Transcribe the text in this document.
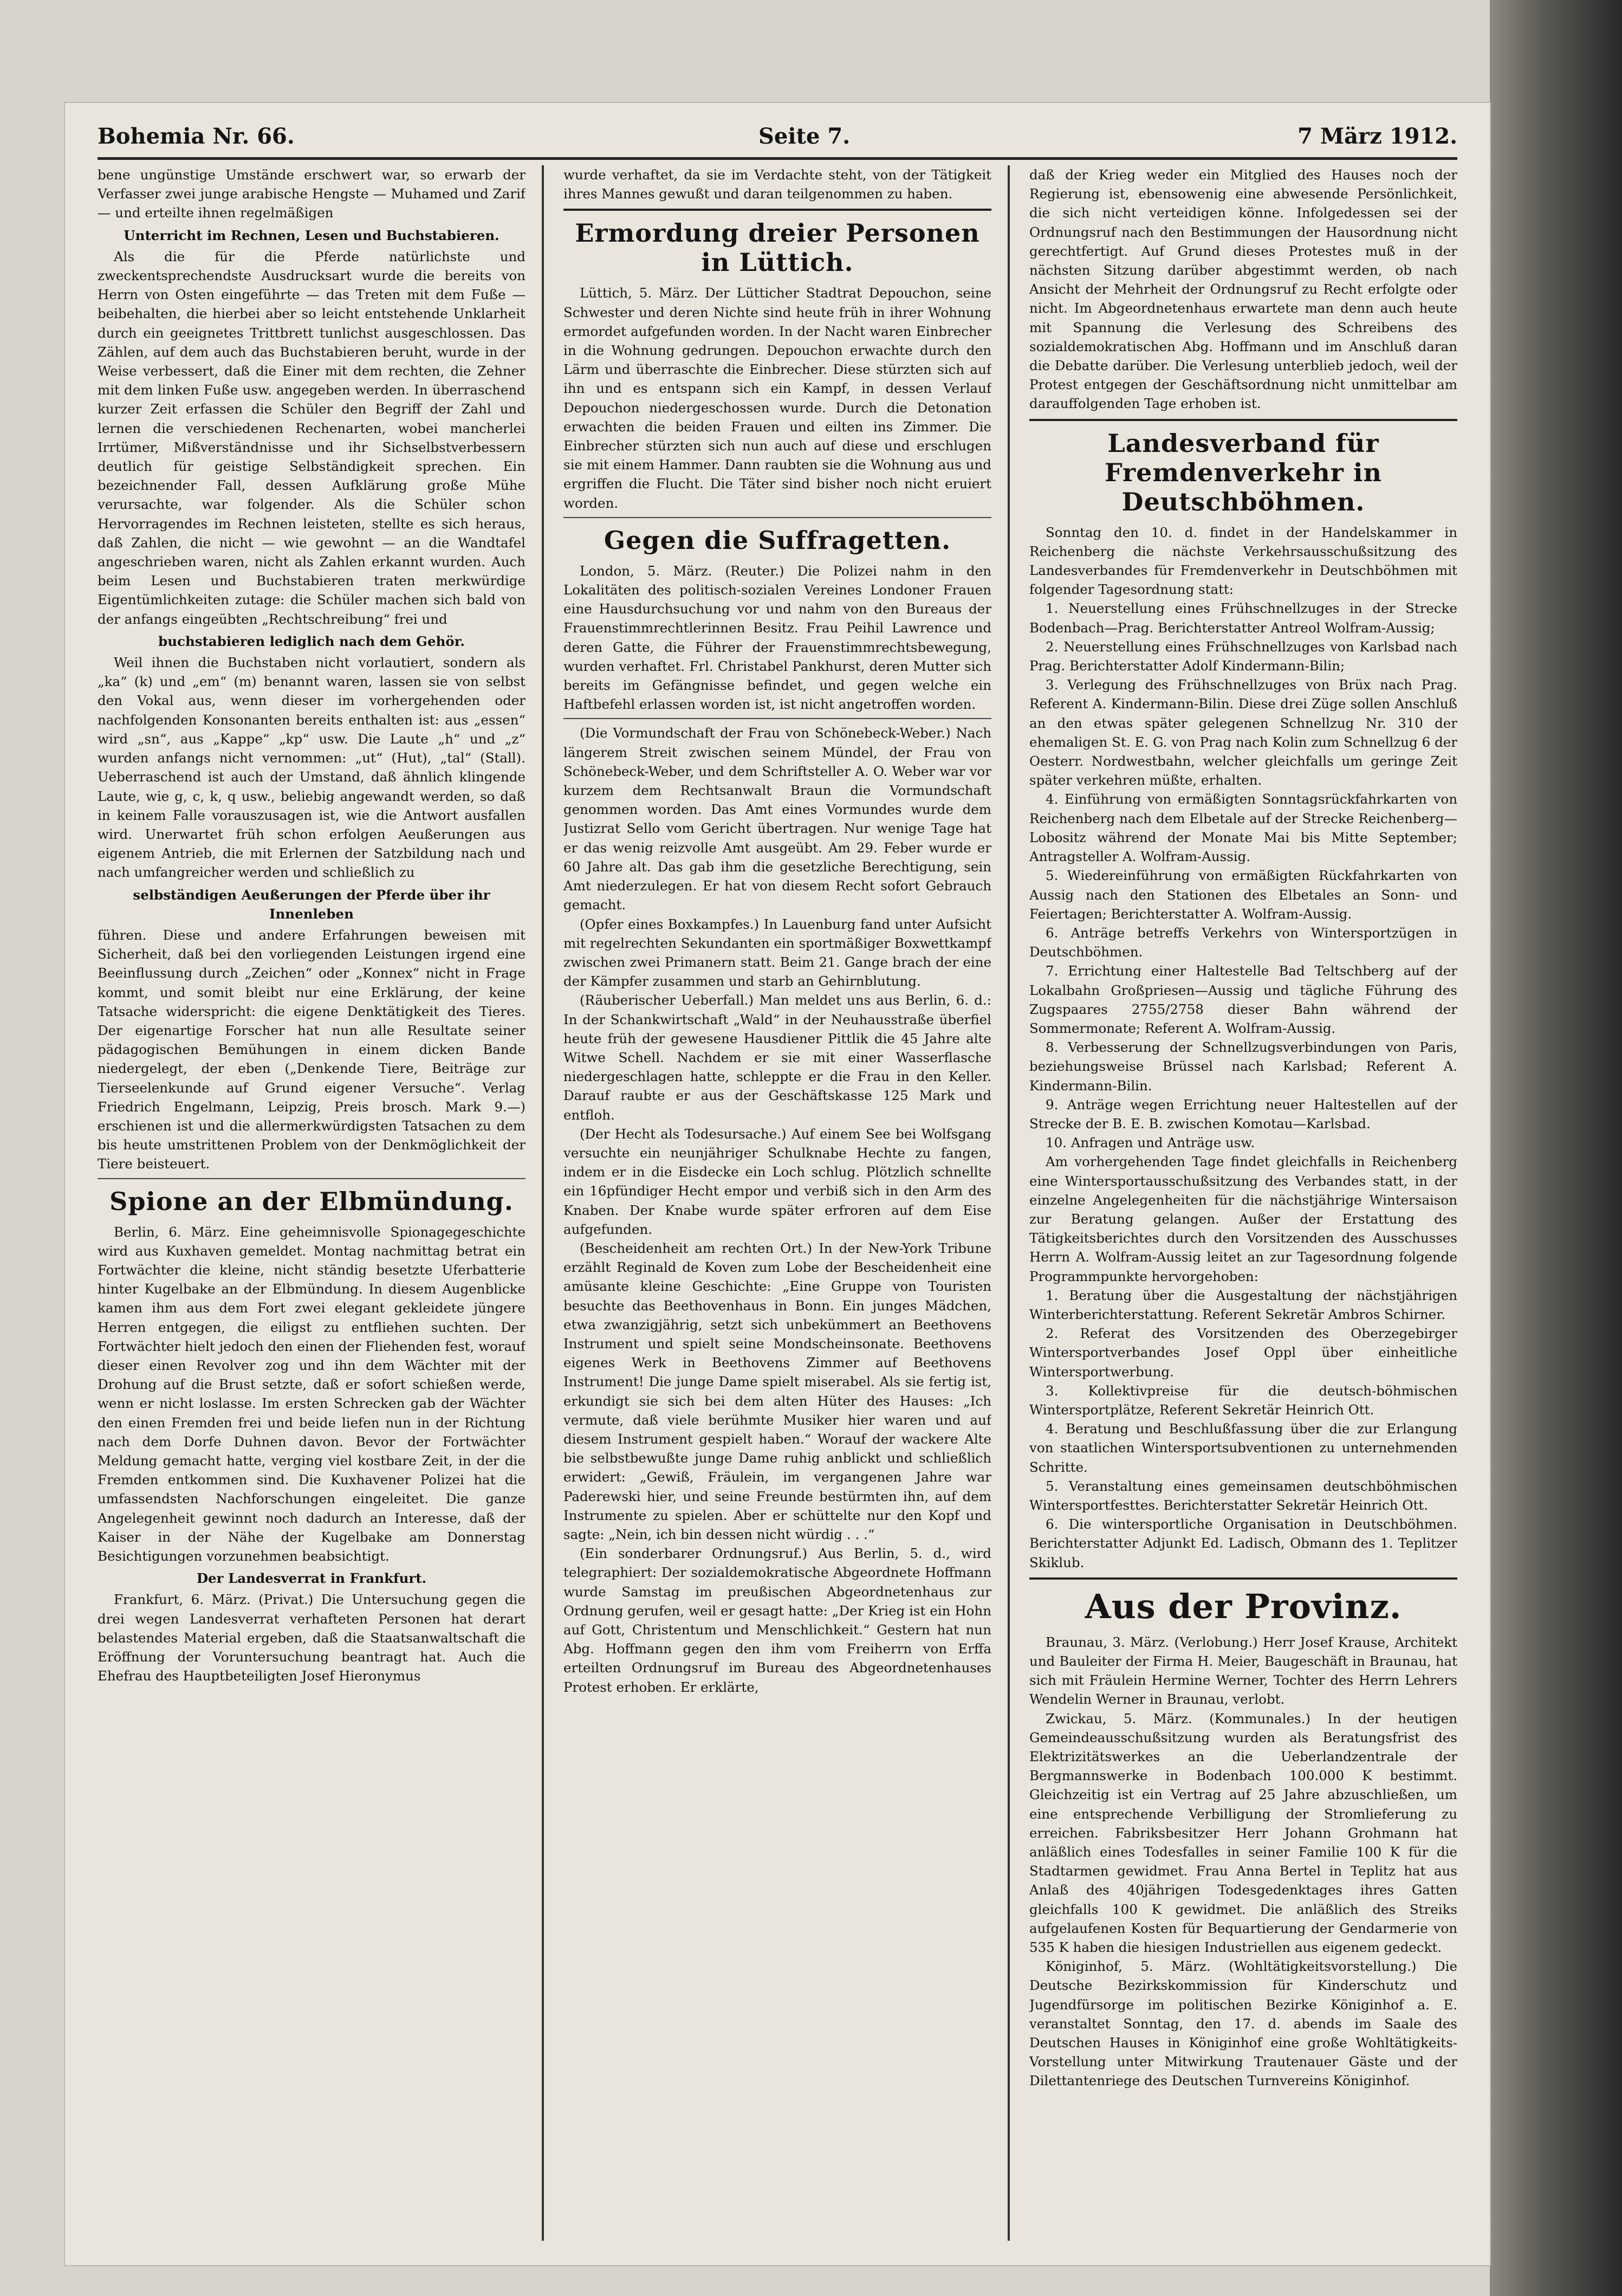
Bohemia Nr. 66.	Seite 7.	7 März 1912.

bene ungünstige Umstände erschwert war, so erwarb der Verfasser zwei junge arabische Hengste — Muhamed und Zarif — und erteilte ihnen regelmäßigen

Unterricht im Rechnen, Lesen und Buchstabieren.

Als die für die Pferde natürlichste und zweckentsprechendste Ausdrucksart wurde die bereits von Herrn von Osten eingeführte — das Treten mit dem Fuße — beibehalten, die hierbei aber so leicht entstehende Unklarheit durch ein geeignetes Trittbrett tunlichst ausgeschlossen. Das Zählen, auf dem auch das Buchstabieren beruht, wurde in der Weise verbessert, daß die Einer mit dem rechten, die Zehner mit dem linken Fuße usw. angegeben werden. In überraschend kurzer Zeit erfassen die Schüler den Begriff der Zahl und lernen die verschiedenen Rechenarten, wobei mancherlei Irrtümer, Mißverständnisse und ihr Sichselbstverbessern deutlich für geistige Selbständigkeit sprechen. Ein bezeichnender Fall, dessen Aufklärung große Mühe verursachte, war folgender. Als die Schüler schon Hervorragendes im Rechnen leisteten, stellte es sich heraus, daß Zahlen, die nicht — wie gewohnt — an die Wandtafel angeschrieben waren, nicht als Zahlen erkannt wurden. Auch beim Lesen und Buchstabieren traten merkwürdige Eigentümlichkeiten zutage: die Schüler machen sich bald von der anfangs eingeübten „Rechtschreibung“ frei und

buchstabieren lediglich nach dem Gehör.

Weil ihnen die Buchstaben nicht vorlautiert, sondern als „ka“ (k) und „em“ (m) benannt waren, lassen sie von selbst den Vokal aus, wenn dieser im vorhergehenden oder nachfolgenden Konsonanten bereits enthalten ist: aus „essen“ wird „sn“, aus „Kappe“ „kp“ usw. Die Laute „h“ und „z“ wurden anfangs nicht vernommen: „ut“ (Hut), „tal“ (Stall). Ueberraschend ist auch der Umstand, daß ähnlich klingende Laute, wie g, c, k, q usw., beliebig angewandt werden, so daß in keinem Falle vorauszusagen ist, wie die Antwort ausfallen wird. Unerwartet früh schon erfolgen Aeußerungen aus eigenem Antrieb, die mit Erlernen der Satzbildung nach und nach umfangreicher werden und schließlich zu

selbständigen Aeußerungen der Pferde über ihr Innenleben

führen. Diese und andere Erfahrungen beweisen mit Sicherheit, daß bei den vorliegenden Leistungen irgend eine Beeinflussung durch „Zeichen“ oder „Konnex“ nicht in Frage kommt, und somit bleibt nur eine Erklärung, der keine Tatsache widerspricht: die eigene Denktätigkeit des Tieres. Der eigenartige Forscher hat nun alle Resultate seiner pädagogischen Bemühungen in einem dicken Bande niedergelegt, der eben („Denkende Tiere, Beiträge zur Tierseelenkunde auf Grund eigener Versuche“. Verlag Friedrich Engelmann, Leipzig, Preis brosch. Mark 9.—) erschienen ist und die allermerkwürdigsten Tatsachen zu dem bis heute umstrittenen Problem von der Denkmöglichkeit der Tiere beisteuert.

Spione an der Elbmündung.

Berlin, 6. März. Eine geheimnisvolle Spionagegeschichte wird aus Kuxhaven gemeldet. Montag nachmittag betrat ein Fortwächter die kleine, nicht ständig besetzte Uferbatterie hinter Kugelbake an der Elbmündung. In diesem Augenblicke kamen ihm aus dem Fort zwei elegant gekleidete jüngere Herren entgegen, die eiligst zu entfliehen suchten. Der Fortwächter hielt jedoch den einen der Fliehenden fest, worauf dieser einen Revolver zog und ihn dem Wächter mit der Drohung auf die Brust setzte, daß er sofort schießen werde, wenn er nicht loslasse. Im ersten Schrecken gab der Wächter den einen Fremden frei und beide liefen nun in der Richtung nach dem Dorfe Duhnen davon. Bevor der Fortwächter Meldung gemacht hatte, verging viel kostbare Zeit, in der die Fremden entkommen sind. Die Kuxhavener Polizei hat die umfassendsten Nachforschungen eingeleitet. Die ganze Angelegenheit gewinnt noch dadurch an Interesse, daß der Kaiser in der Nähe der Kugelbake am Donnerstag Besichtigungen vorzunehmen beabsichtigt.

Der Landesverrat in Frankfurt.

Frankfurt, 6. März. (Privat.) Die Untersuchung gegen die drei wegen Landesverrat verhafteten Personen hat derart belastendes Material ergeben, daß die Staatsanwaltschaft die Eröffnung der Voruntersuchung beantragt hat. Auch die Ehefrau des Hauptbeteiligten Josef Hieronymus

wurde verhaftet, da sie im Verdachte steht, von der Tätigkeit ihres Mannes gewußt und daran teilgenommen zu haben.

Ermordung dreier Personen in Lüttich.

Lüttich, 5. März. Der Lütticher Stadtrat Depouchon, seine Schwester und deren Nichte sind heute früh in ihrer Wohnung ermordet aufgefunden worden. In der Nacht waren Einbrecher in die Wohnung gedrungen. Depouchon erwachte durch den Lärm und überraschte die Einbrecher. Diese stürzten sich auf ihn und es entspann sich ein Kampf, in dessen Verlauf Depouchon niedergeschossen wurde. Durch die Detonation erwachten die beiden Frauen und eilten ins Zimmer. Die Einbrecher stürzten sich nun auch auf diese und erschlugen sie mit einem Hammer. Dann raubten sie die Wohnung aus und ergriffen die Flucht. Die Täter sind bisher noch nicht eruiert worden.

Gegen die Suffragetten.

London, 5. März. (Reuter.) Die Polizei nahm in den Lokalitäten des politisch-sozialen Vereines Londoner Frauen eine Hausdurchsuchung vor und nahm von den Bureaus der Frauenstimmrechtlerinnen Besitz. Frau Peihil Lawrence und deren Gatte, die Führer der Frauenstimmrechtsbewegung, wurden verhaftet. Frl. Christabel Pankhurst, deren Mutter sich bereits im Gefängnisse befindet, und gegen welche ein Haftbefehl erlassen worden ist, ist nicht angetroffen worden.

(Die Vormundschaft der Frau von Schönebeck-Weber.) Nach längerem Streit zwischen seinem Mündel, der Frau von Schönebeck-Weber, und dem Schriftsteller A. O. Weber war vor kurzem dem Rechtsanwalt Braun die Vormundschaft genommen worden. Das Amt eines Vormundes wurde dem Justizrat Sello vom Gericht übertragen. Nur wenige Tage hat er das wenig reizvolle Amt ausgeübt. Am 29. Feber wurde er 60 Jahre alt. Das gab ihm die gesetzliche Berechtigung, sein Amt niederzulegen. Er hat von diesem Recht sofort Gebrauch gemacht.

(Opfer eines Boxkampfes.) In Lauenburg fand unter Aufsicht mit regelrechten Sekundanten ein sportmäßiger Boxwettkampf zwischen zwei Primanern statt. Beim 21. Gange brach der eine der Kämpfer zusammen und starb an Gehirnblutung.

(Räuberischer Ueberfall.) Man meldet uns aus Berlin, 6. d.: In der Schankwirtschaft „Wald“ in der Neuhausstraße überfiel heute früh der gewesene Hausdiener Pittlik die 45 Jahre alte Witwe Schell. Nachdem er sie mit einer Wasserflasche niedergeschlagen hatte, schleppte er die Frau in den Keller. Darauf raubte er aus der Geschäftskasse 125 Mark und entfloh.

(Der Hecht als Todesursache.) Auf einem See bei Wolfsgang versuchte ein neunjähriger Schulknabe Hechte zu fangen, indem er in die Eisdecke ein Loch schlug. Plötzlich schnellte ein 16pfündiger Hecht empor und verbiß sich in den Arm des Knaben. Der Knabe wurde später erfroren auf dem Eise aufgefunden.

(Bescheidenheit am rechten Ort.) In der New-York Tribune erzählt Reginald de Koven zum Lobe der Bescheidenheit eine amüsante kleine Geschichte: „Eine Gruppe von Touristen besuchte das Beethovenhaus in Bonn. Ein junges Mädchen, etwa zwanzigjährig, setzt sich unbekümmert an Beethovens Instrument und spielt seine Mondscheinsonate. Beethovens eigenes Werk in Beethovens Zimmer auf Beethovens Instrument! Die junge Dame spielt miserabel. Als sie fertig ist, erkundigt sie sich bei dem alten Hüter des Hauses: „Ich vermute, daß viele berühmte Musiker hier waren und auf diesem Instrument gespielt haben.“ Worauf der wackere Alte bie selbstbewußte junge Dame ruhig anblickt und schließlich erwidert: „Gewiß, Fräulein, im vergangenen Jahre war Paderewski hier, und seine Freunde bestürmten ihn, auf dem Instrumente zu spielen. Aber er schüttelte nur den Kopf und sagte: „Nein, ich bin dessen nicht würdig . . .“

(Ein sonderbarer Ordnungsruf.) Aus Berlin, 5. d., wird telegraphiert: Der sozialdemokratische Abgeordnete Hoffmann wurde Samstag im preußischen Abgeordnetenhaus zur Ordnung gerufen, weil er gesagt hatte: „Der Krieg ist ein Hohn auf Gott, Christentum und Menschlichkeit.“ Gestern hat nun Abg. Hoffmann gegen den ihm vom Freiherrn von Erffa erteilten Ordnungsruf im Bureau des Abgeordnetenhauses Protest erhoben. Er erklärte,

daß der Krieg weder ein Mitglied des Hauses noch der Regierung ist, ebensowenig eine abwesende Persönlichkeit, die sich nicht verteidigen könne. Infolgedessen sei der Ordnungsruf nach den Bestimmungen der Hausordnung nicht gerechtfertigt. Auf Grund dieses Protestes muß in der nächsten Sitzung darüber abgestimmt werden, ob nach Ansicht der Mehrheit der Ordnungsruf zu Recht erfolgte oder nicht. Im Abgeordnetenhaus erwartete man denn auch heute mit Spannung die Verlesung des Schreibens des sozialdemokratischen Abg. Hoffmann und im Anschluß daran die Debatte darüber. Die Verlesung unterblieb jedoch, weil der Protest entgegen der Geschäftsordnung nicht unmittelbar am darauffolgenden Tage erhoben ist.

Landesverband für Fremdenverkehr in Deutschböhmen.

Sonntag den 10. d. findet in der Handelskammer in Reichenberg die nächste Verkehrsausschußsitzung des Landesverbandes für Fremdenverkehr in Deutschböhmen mit folgender Tagesordnung statt:

1. Neuerstellung eines Frühschnellzuges in der Strecke Bodenbach—Prag. Berichterstatter Antreol Wolfram-Aussig;

2. Neuerstellung eines Frühschnellzuges von Karlsbad nach Prag. Berichterstatter Adolf Kindermann-Bilin;

3. Verlegung des Frühschnellzuges von Brüx nach Prag. Referent A. Kindermann-Bilin. Diese drei Züge sollen Anschluß an den etwas später gelegenen Schnellzug Nr. 310 der ehemaligen St. E. G. von Prag nach Kolin zum Schnellzug 6 der Oesterr. Nordwestbahn, welcher gleichfalls um geringe Zeit später verkehren müßte, erhalten.

4. Einführung von ermäßigten Sonntagsrückfahrkarten von Reichenberg nach dem Elbetale auf der Strecke Reichenberg—Lobositz während der Monate Mai bis Mitte September; Antragsteller A. Wolfram-Aussig.

5. Wiedereinführung von ermäßigten Rückfahrkarten von Aussig nach den Stationen des Elbetales an Sonn- und Feiertagen; Berichterstatter A. Wolfram-Aussig.

6. Anträge betreffs Verkehrs von Wintersportzügen in Deutschböhmen.

7. Errichtung einer Haltestelle Bad Teltschberg auf der Lokalbahn Großpriesen—Aussig und tägliche Führung des Zugspaares 2755/2758 dieser Bahn während der Sommermonate; Referent A. Wolfram-Aussig.

8. Verbesserung der Schnellzugsverbindungen von Paris, beziehungsweise Brüssel nach Karlsbad; Referent A. Kindermann-Bilin.

9. Anträge wegen Errichtung neuer Haltestellen auf der Strecke der B. E. B. zwischen Komotau—Karlsbad.

10. Anfragen und Anträge usw.

Am vorhergehenden Tage findet gleichfalls in Reichenberg eine Wintersportausschußsitzung des Verbandes statt, in der einzelne Angelegenheiten für die nächstjährige Wintersaison zur Beratung gelangen. Außer der Erstattung des Tätigkeitsberichtes durch den Vorsitzenden des Ausschusses Herrn A. Wolfram-Aussig leitet an zur Tagesordnung folgende Programmpunkte hervorgehoben:

1. Beratung über die Ausgestaltung der nächstjährigen Winterberichterstattung. Referent Sekretär Ambros Schirner.

2. Referat des Vorsitzenden des Oberzegebirger Wintersportverbandes Josef Oppl über einheitliche Wintersportwerbung.

3. Kollektivpreise für die deutsch-böhmischen Wintersportplätze, Referent Sekretär Heinrich Ott.

4. Beratung und Beschlußfassung über die zur Erlangung von staatlichen Wintersportsubventionen zu unternehmenden Schritte.

5. Veranstaltung eines gemeinsamen deutschböhmischen Wintersportfesttes. Berichterstatter Sekretär Heinrich Ott.

6. Die wintersportliche Organisation in Deutschböhmen. Berichterstatter Adjunkt Ed. Ladisch, Obmann des 1. Teplitzer Skiklub.

Aus der Provinz.

Braunau, 3. März. (Verlobung.) Herr Josef Krause, Architekt und Bauleiter der Firma H. Meier, Baugeschäft in Braunau, hat sich mit Fräulein Hermine Werner, Tochter des Herrn Lehrers Wendelin Werner in Braunau, verlobt.

Zwickau, 5. März. (Kommunales.) In der heutigen Gemeindeausschußsitzung wurden als Beratungsfrist des Elektrizitätswerkes an die Ueberlandzentrale der Bergmannswerke in Bodenbach 100.000 K bestimmt. Gleichzeitig ist ein Vertrag auf 25 Jahre abzuschließen, um eine entsprechende Verbilligung der Stromlieferung zu erreichen. Fabriksbesitzer Herr Johann Grohmann hat anläßlich eines Todesfalles in seiner Familie 100 K für die Stadtarmen gewidmet. Frau Anna Bertel in Teplitz hat aus Anlaß des 40jährigen Todesgedenktages ihres Gatten gleichfalls 100 K gewidmet. Die anläßlich des Streiks aufgelaufenen Kosten für Bequartierung der Gendarmerie von 535 K haben die hiesigen Industriellen aus eigenem gedeckt.

Königinhof, 5. März. (Wohltätigkeitsvorstellung.) Die Deutsche Bezirkskommission für Kinderschutz und Jugendfürsorge im politischen Bezirke Königinhof a. E. veranstaltet Sonntag, den 17. d. abends im Saale des Deutschen Hauses in Königinhof eine große Wohltätigkeits-Vorstellung unter Mitwirkung Trautenauer Gäste und der Dilettantenriege des Deutschen Turnvereins Königinhof.
